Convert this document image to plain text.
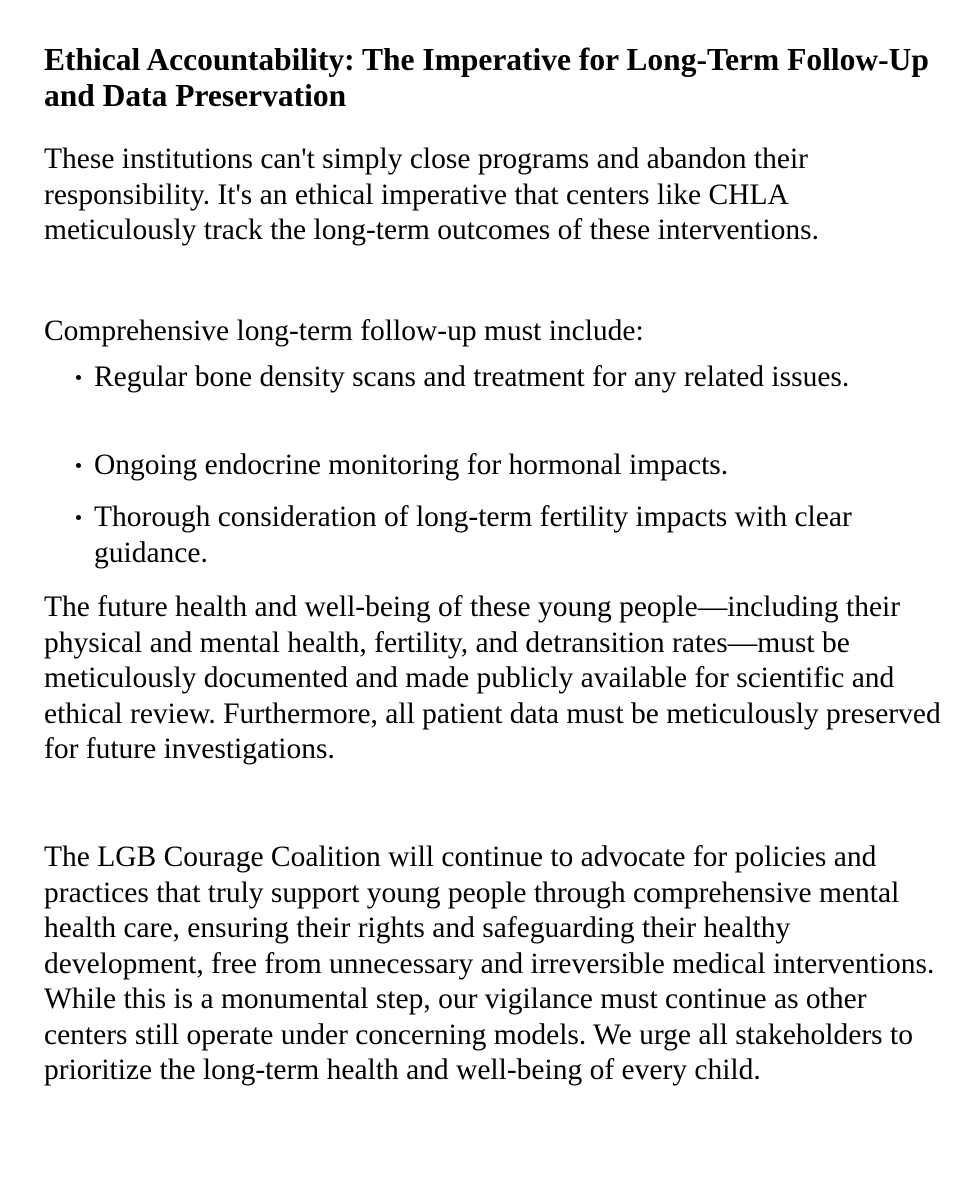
Ethical Accountability: The Imperative for Long-Term Follow-Up and Data Preservation

These institutions can't simply close programs and abandon their responsibility. It's an ethical imperative that centers like CHLA meticulously track the long-term outcomes of these interventions.

Comprehensive long-term follow-up must include:

Regular bone density scans and treatment for any related issues.
Ongoing endocrine monitoring for hormonal impacts.
Thorough consideration of long-term fertility impacts with clear guidance.

The future health and well-being of these young people—including their physical and mental health, fertility, and detransition rates—must be meticulously documented and made publicly available for scientific and ethical review. Furthermore, all patient data must be meticulously preserved for future investigations.

The LGB Courage Coalition will continue to advocate for policies and practices that truly support young people through comprehensive mental health care, ensuring their rights and safeguarding their healthy development, free from unnecessary and irreversible medical interventions. While this is a monumental step, our vigilance must continue as other centers still operate under concerning models. We urge all stakeholders to prioritize the long-term health and well-being of every child.
